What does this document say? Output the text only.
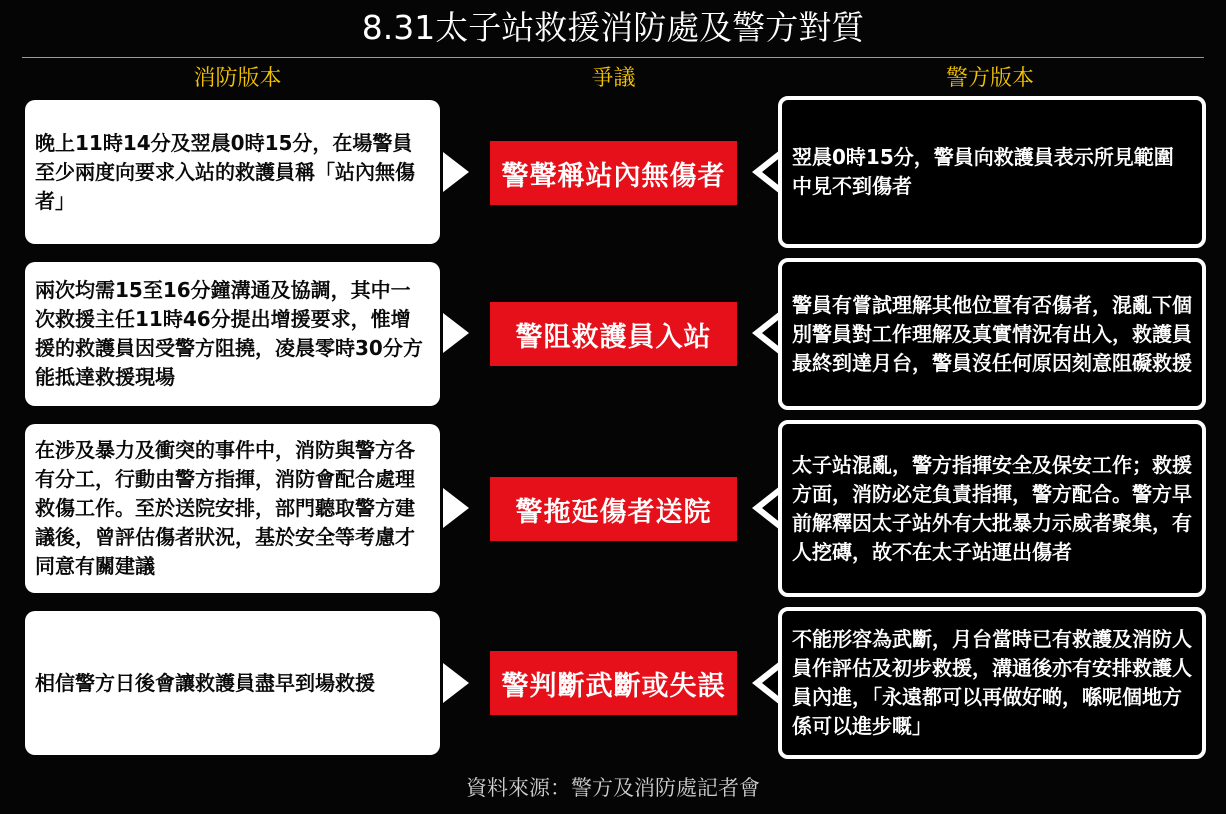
8.31太子站救援消防處及警方對質
消防版本	爭議	警方版本
晚上11時14分及翌晨0時15分，在場警員至少兩度向要求入站的救護員稱「站內無傷者」
警聲稱站內無傷者
翌晨0時15分，警員向救護員表示所見範圍中見不到傷者
兩次均需15至16分鐘溝通及協調，其中一次救援主任11時46分提出增援要求，惟增援的救護員因受警方阻撓，凌晨零時30分方能抵達救援現場
警阻救護員入站
警員有嘗試理解其他位置有否傷者，混亂下個別警員對工作理解及真實情況有出入，救護員最終到達月台，警員沒任何原因刻意阻礙救援
在涉及暴力及衝突的事件中，消防與警方各有分工，行動由警方指揮，消防會配合處理救傷工作。至於送院安排，部門聽取警方建議後，曾評估傷者狀況，基於安全等考慮才同意有關建議
警拖延傷者送院
太子站混亂，警方指揮安全及保安工作；救援方面，消防必定負責指揮，警方配合。警方早前解釋因太子站外有大批暴力示威者聚集，有人挖磚，故不在太子站運出傷者
相信警方日後會讓救護員盡早到場救援	警判斷武斷或失誤
不能形容為武斷，月台當時已有救護及消防人員作評估及初步救援，溝通後亦有安排救護人員內進，「永遠都可以再做好啲，喺呢個地方係可以進步嘅」
資料來源：警方及消防處記者會
